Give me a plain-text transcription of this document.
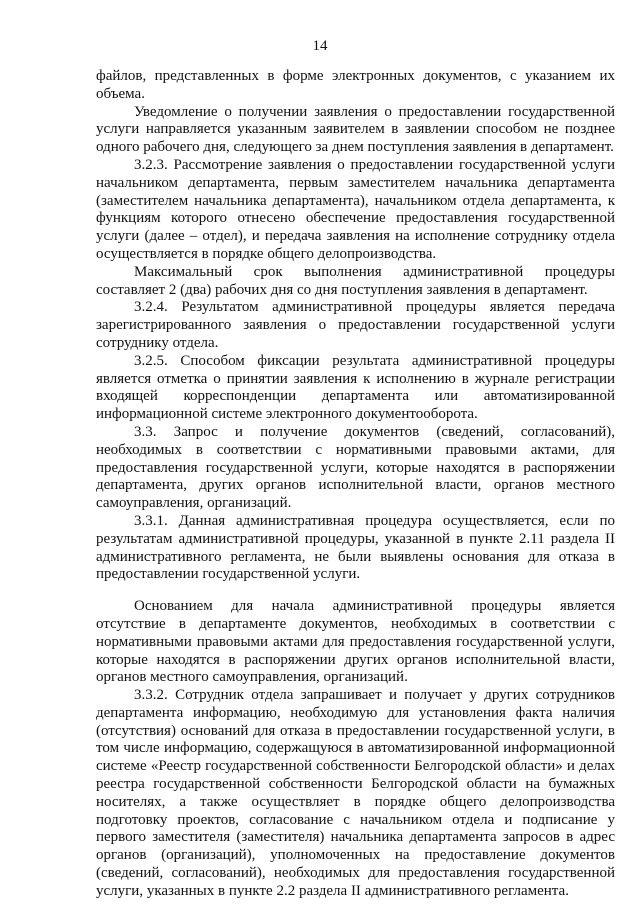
14

файлов, представленных в форме электронных документов, с указанием их объема.

Уведомление о получении заявления о предоставлении государственной услуги направляется указанным заявителем в заявлении способом не позднее одного рабочего дня, следующего за днем поступления заявления в департамент.

3.2.3. Рассмотрение заявления о предоставлении государственной услуги начальником департамента, первым заместителем начальника департамента (заместителем начальника департамента), начальником отдела департамента, к функциям которого отнесено обеспечение предоставления государственной услуги (далее – отдел), и передача заявления на исполнение сотруднику отдела осуществляется в порядке общего делопроизводства.

Максимальный срок выполнения административной процедуры составляет 2 (два) рабочих дня со дня поступления заявления в департамент.

3.2.4. Результатом административной процедуры является передача зарегистрированного заявления о предоставлении государственной услуги сотруднику отдела.

3.2.5. Способом фиксации результата административной процедуры является отметка о принятии заявления к исполнению в журнале регистрации входящей корреспонденции департамента или автоматизированной информационной системе электронного документооборота.

3.3. Запрос и получение документов (сведений, согласований), необходимых в соответствии с нормативными правовыми актами, для предоставления государственной услуги, которые находятся в распоряжении департамента, других органов исполнительной власти, органов местного самоуправления, организаций.

3.3.1. Данная административная процедура осуществляется, если по результатам административной процедуры, указанной в пункте 2.11 раздела II административного регламента, не были выявлены основания для отказа в предоставлении государственной услуги.

Основанием для начала административной процедуры является отсутствие в департаменте документов, необходимых в соответствии с нормативными правовыми актами для предоставления государственной услуги, которые находятся в распоряжении других органов исполнительной власти, органов местного самоуправления, организаций.

3.3.2. Сотрудник отдела запрашивает и получает у других сотрудников департамента информацию, необходимую для установления факта наличия (отсутствия) оснований для отказа в предоставлении государственной услуги, в том числе информацию, содержащуюся в автоматизированной информационной системе «Реестр государственной собственности Белгородской области» и делах реестра государственной собственности Белгородской области на бумажных носителях, а также осуществляет в порядке общего делопроизводства подготовку проектов, согласование с начальником отдела и подписание у первого заместителя (заместителя) начальника департамента запросов в адрес органов (организаций), уполномоченных на предоставление документов (сведений, согласований), необходимых для предоставления государственной услуги, указанных в пункте 2.2 раздела II административного регламента.
